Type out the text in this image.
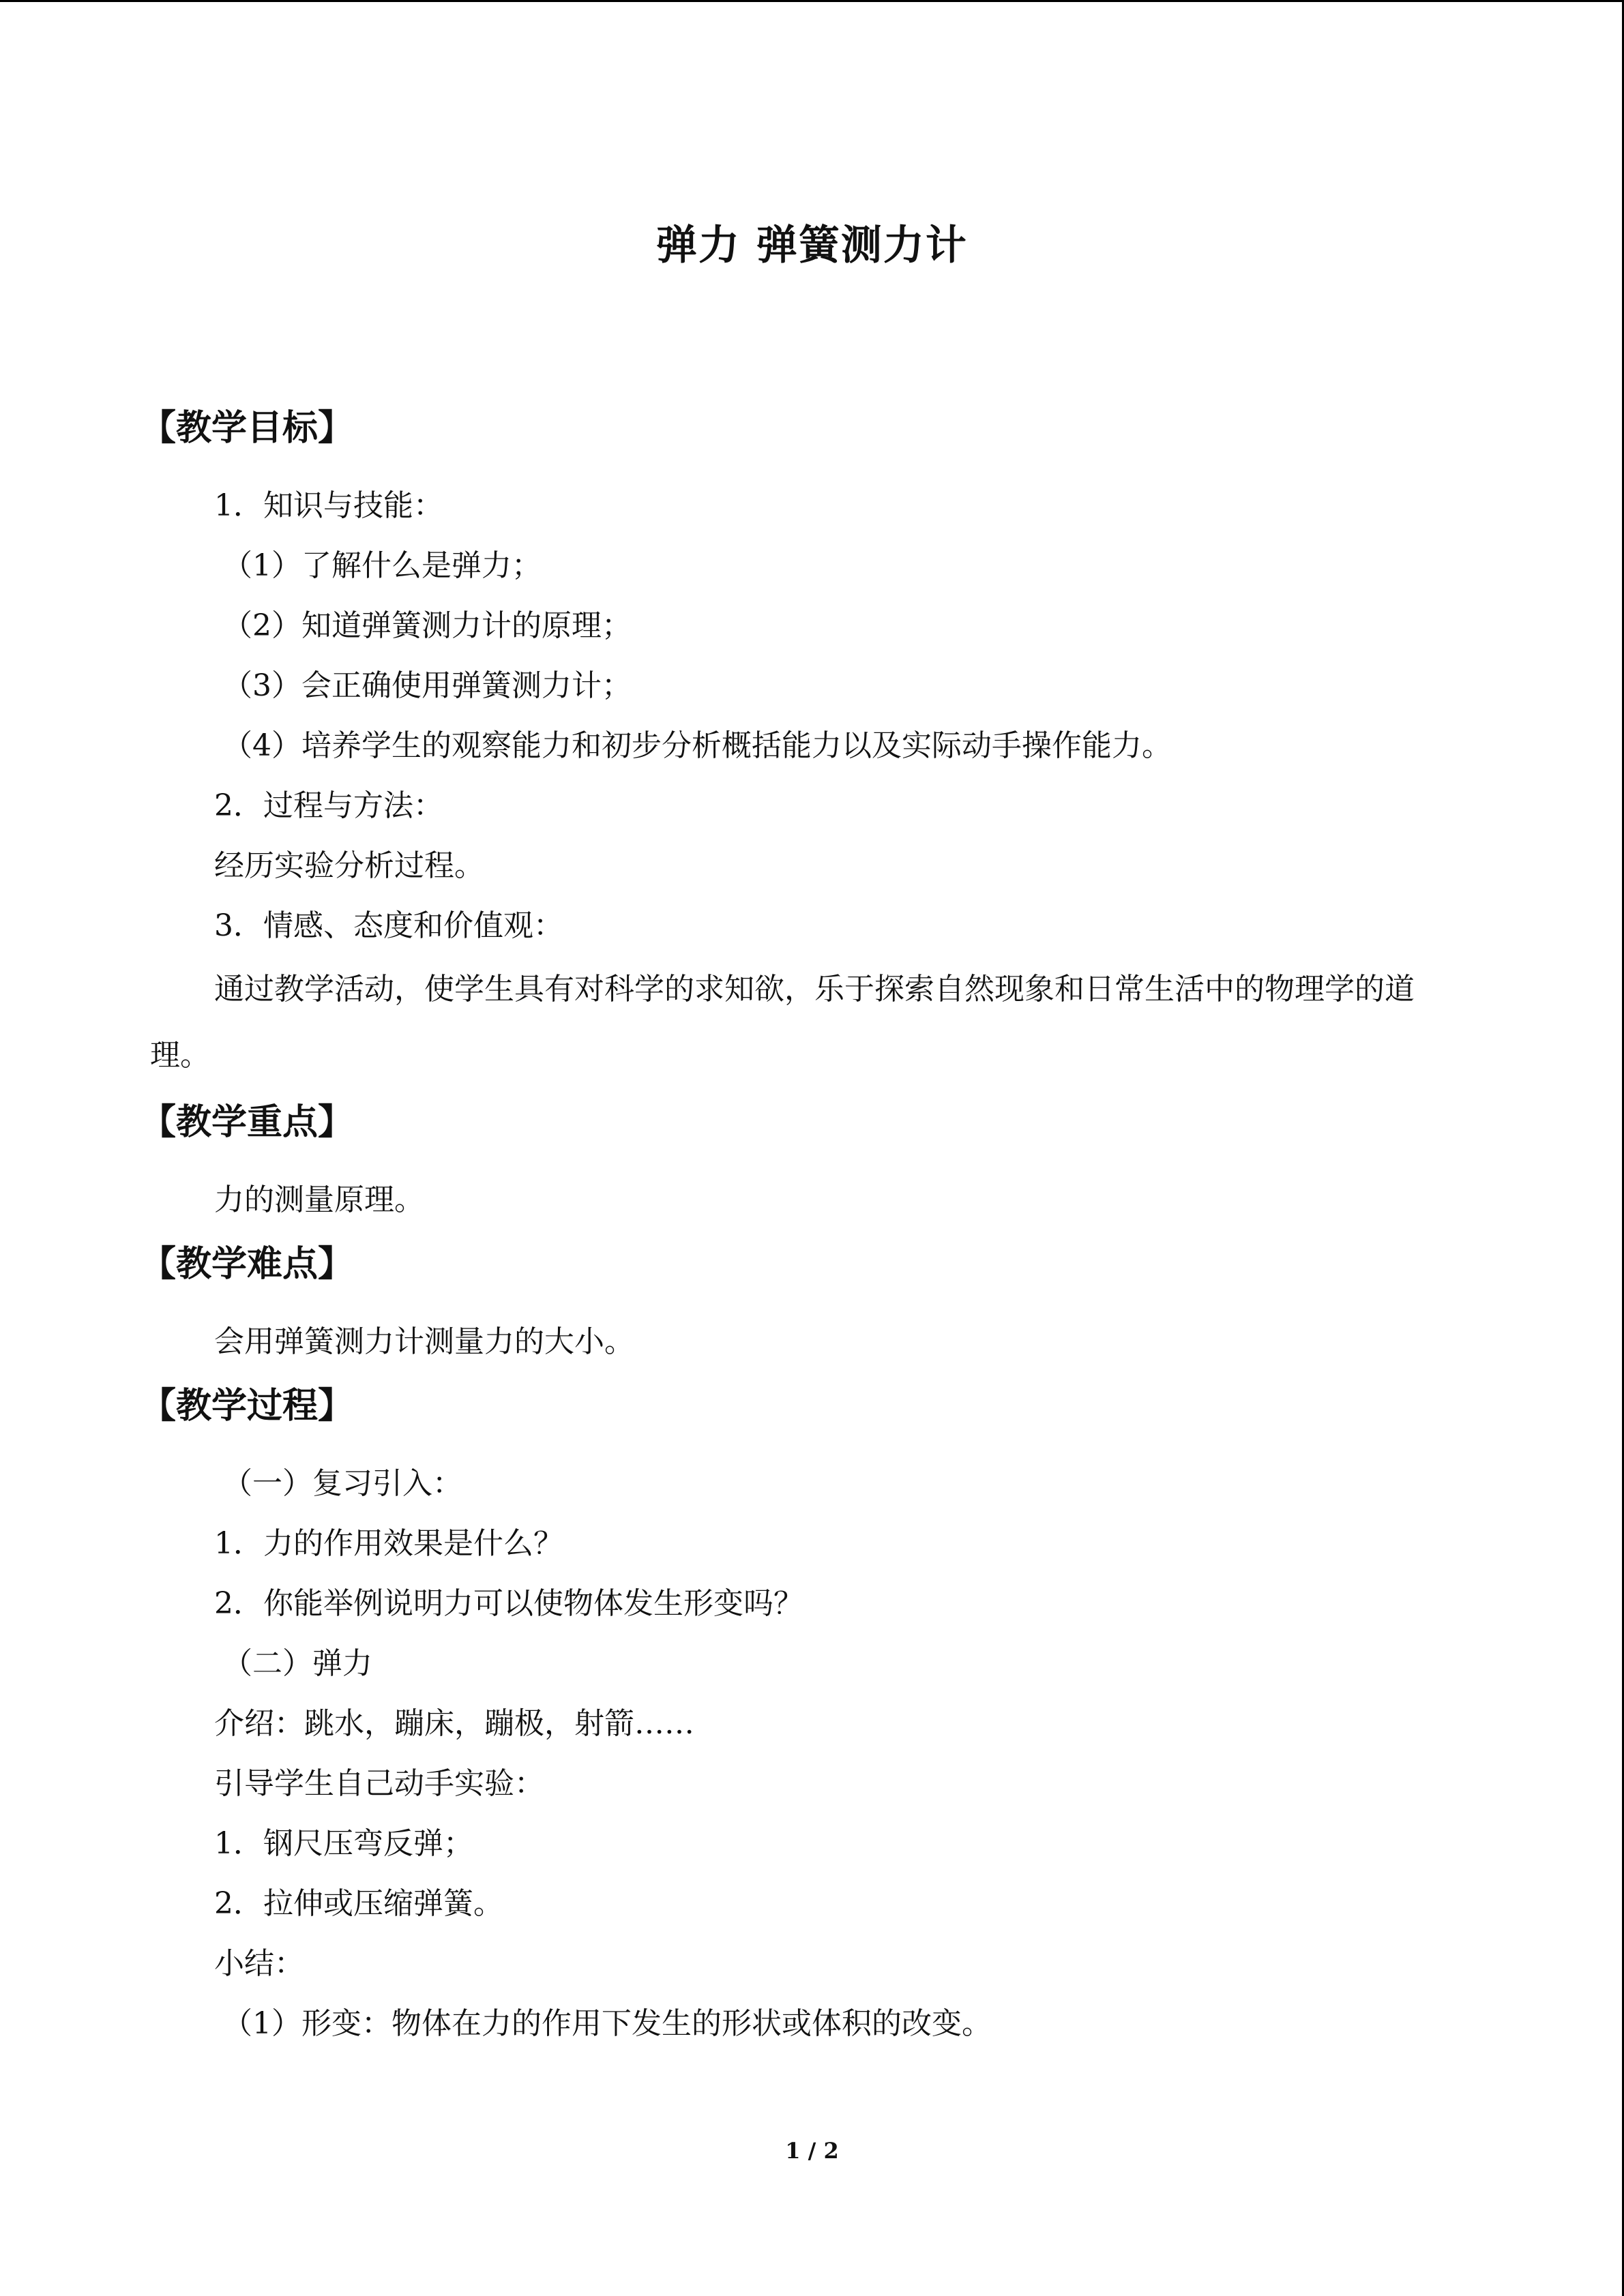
弹力 弹簧测力计
【教学目标】
1．知识与技能：
（1）了解什么是弹力；
（2）知道弹簧测力计的原理；
（3）会正确使用弹簧测力计；
（4）培养学生的观察能力和初步分析概括能力以及实际动手操作能力。
2．过程与方法：
经历实验分析过程。
3．情感、态度和价值观：
通过教学活动，使学生具有对科学的求知欲，乐于探索自然现象和日常生活中的物理学的道理。
【教学重点】
力的测量原理。
【教学难点】
会用弹簧测力计测量力的大小。
【教学过程】
（一）复习引入：
1．力的作用效果是什么？
2．你能举例说明力可以使物体发生形变吗？
（二）弹力
介绍：跳水，蹦床，蹦极，射箭……
引导学生自己动手实验：
1．钢尺压弯反弹；
2．拉伸或压缩弹簧。
小结：
（1）形变：物体在力的作用下发生的形状或体积的改变。
1 / 2
